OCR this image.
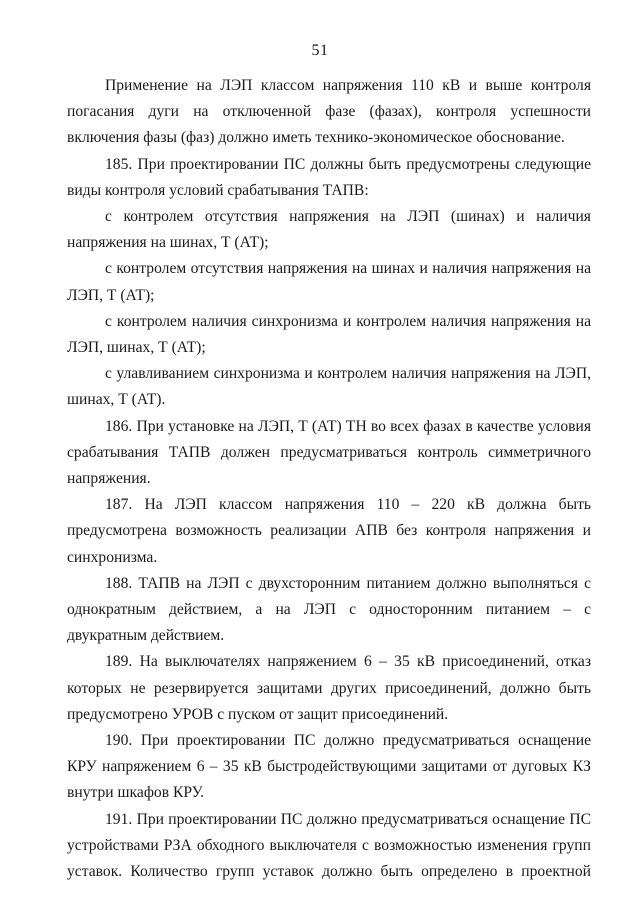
51

Применение на ЛЭП классом напряжения 110 кВ и выше контроля погасания дуги на отключенной фазе (фазах), контроля успешности включения фазы (фаз) должно иметь технико-экономическое обоснование.

185. При проектировании ПС должны быть предусмотрены следующие виды контроля условий срабатывания ТАПВ:

с контролем отсутствия напряжения на ЛЭП (шинах) и наличия напряжения на шинах, Т (АТ);

с контролем отсутствия напряжения на шинах и наличия напряжения на ЛЭП, Т (АТ);

с контролем наличия синхронизма и контролем наличия напряжения на ЛЭП, шинах, Т (АТ);

с улавливанием синхронизма и контролем наличия напряжения на ЛЭП, шинах, Т (АТ).

186. При установке на ЛЭП, Т (АТ) ТН во всех фазах в качестве условия срабатывания ТАПВ должен предусматриваться контроль симметричного напряжения.

187. На ЛЭП классом напряжения 110 – 220 кВ должна быть предусмотрена возможность реализации АПВ без контроля напряжения и синхронизма.

188. ТАПВ на ЛЭП с двухсторонним питанием должно выполняться с однократным действием, а на ЛЭП с односторонним питанием – с двукратным действием.

189. На выключателях напряжением 6 – 35 кВ присоединений, отказ которых не резервируется защитами других присоединений, должно быть предусмотрено УРОВ с пуском от защит присоединений.

190. При проектировании ПС должно предусматриваться оснащение КРУ напряжением 6 – 35 кВ быстродействующими защитами от дуговых КЗ внутри шкафов КРУ.

191. При проектировании ПС должно предусматриваться оснащение ПС устройствами РЗА обходного выключателя с возможностью изменения групп уставок. Количество групп уставок должно быть определено в проектной
